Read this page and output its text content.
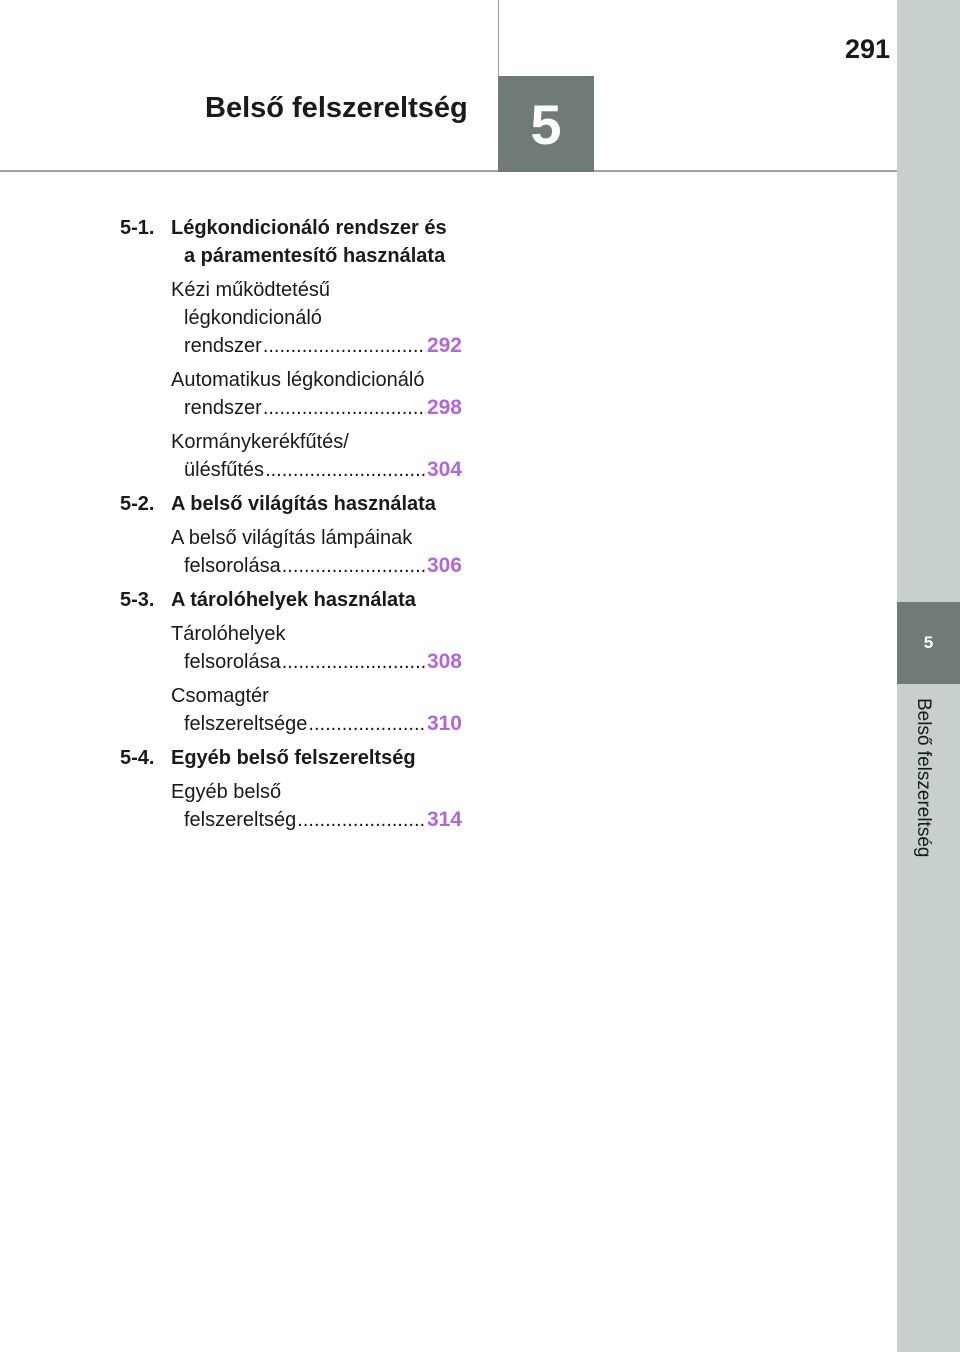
Belső felszereltség	5
291
5
Belső felszereltség
5-1. Légkondicionáló rendszer és
a páramentesítő használata
Kézi működtetésű
légkondicionáló
rendszer .....	292
Automatikus légkondicionáló
rendszer .....	298
Kormánykerékfűtés/
ülésfűtés .....	304
5-2. A belső világítás használata
A belső világítás lámpáinak
felsorolása .....	306
5-3. A tárolóhelyek használata
Tárolóhelyek
felsorolása .....	308
Csomagtér
felszereltsége .....	310
5-4. Egyéb belső felszereltség
Egyéb belső
felszereltség .....	314
